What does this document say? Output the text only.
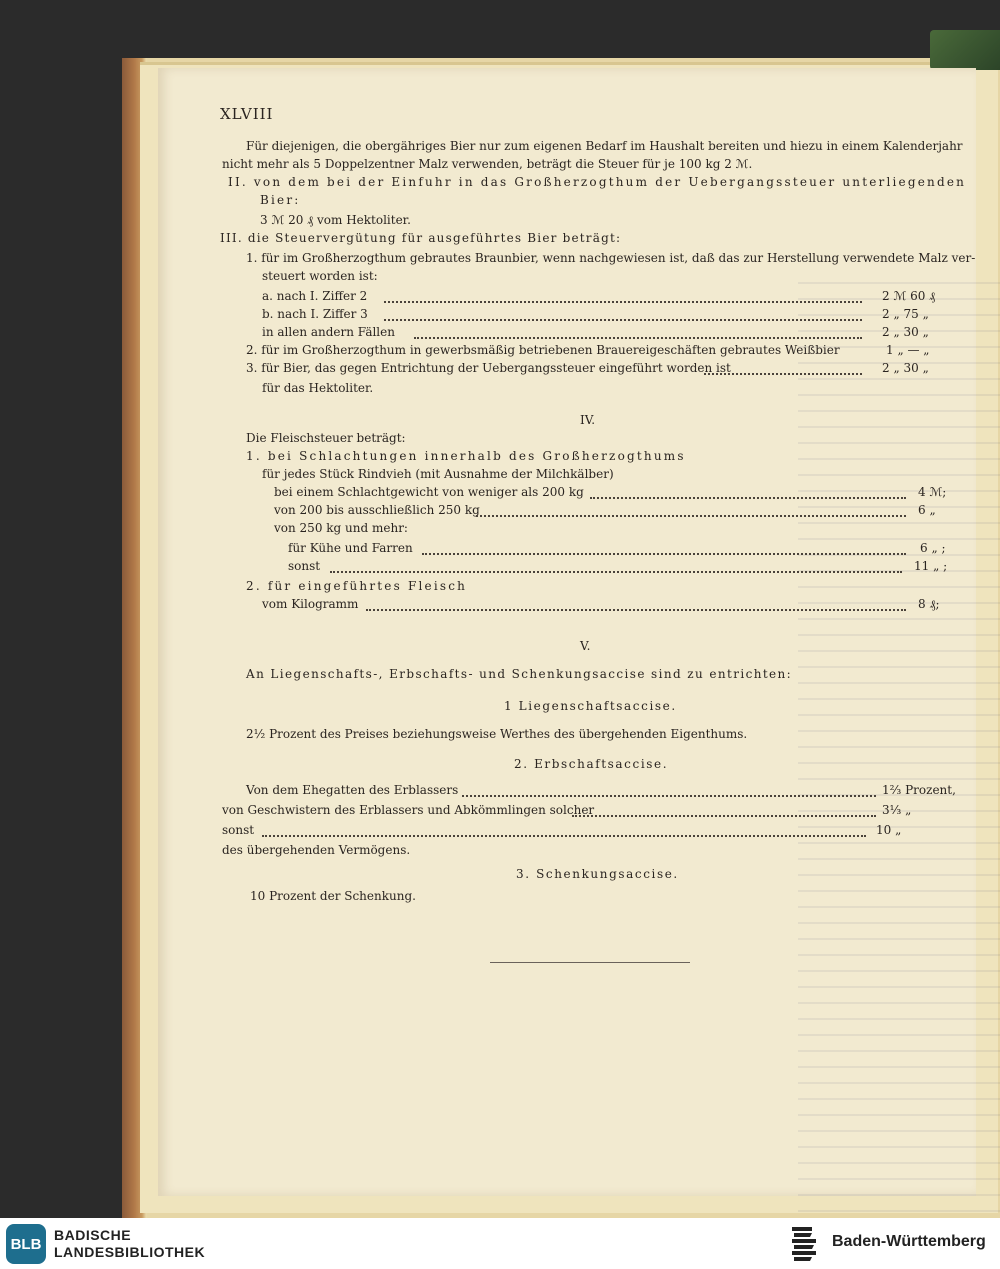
XLVIII
Für diejenigen, die obergähriges Bier nur zum eigenen Bedarf im Haushalt bereiten und hiezu in einem Kalenderjahr
nicht mehr als 5 Doppelzentner Malz verwenden, beträgt die Steuer für je 100 kg 2 ℳ.
II. von dem bei der Einfuhr in das Großherzogthum der Uebergangssteuer unterliegenden
Bier:
3 ℳ 20 ₰ vom Hektoliter.
III. die Steuervergütung für ausgeführtes Bier beträgt:
1. für im Großherzogthum gebrautes Braunbier, wenn nachgewiesen ist, daß das zur Herstellung verwendete Malz ver-
steuert worden ist:
a. nach I. Ziffer 2	2 ℳ 60 ₰
b. nach I. Ziffer 3	2 „ 75 „
in allen andern Fällen	2 „ 30 „
2. für im Großherzogthum in gewerbsmäßig betriebenen Brauereigeschäften gebrautes Weißbier	1 „ — „
3. für Bier, das gegen Entrichtung der Uebergangssteuer eingeführt worden ist	2 „ 30 „
für das Hektoliter.
IV.
Die Fleischsteuer beträgt:
1. bei Schlachtungen innerhalb des Großherzogthums
für jedes Stück Rindvieh (mit Ausnahme der Milchkälber)
bei einem Schlachtgewicht von weniger als 200 kg	4 ℳ;
von 200 bis ausschließlich 250 kg	6 „
von 250 kg und mehr:
für Kühe und Farren	6 „ ;
sonst	11 „ ;
2. für eingeführtes Fleisch
vom Kilogramm	8 ₰;
V.
An Liegenschafts-, Erbschafts- und Schenkungsaccise sind zu entrichten:
1 Liegenschaftsaccise.
2½ Prozent des Preises beziehungsweise Werthes des übergehenden Eigenthums.
2. Erbschaftsaccise.
Von dem Ehegatten des Erblassers	1⅔ Prozent,
von Geschwistern des Erblassers und Abkömmlingen solcher	3⅓ „
sonst	10 „
des übergehenden Vermögens.
3. Schenkungsaccise.
10 Prozent der Schenkung.
BLB
BADISCHE
LANDESBIBLIOTHEK
Baden-Württemberg
